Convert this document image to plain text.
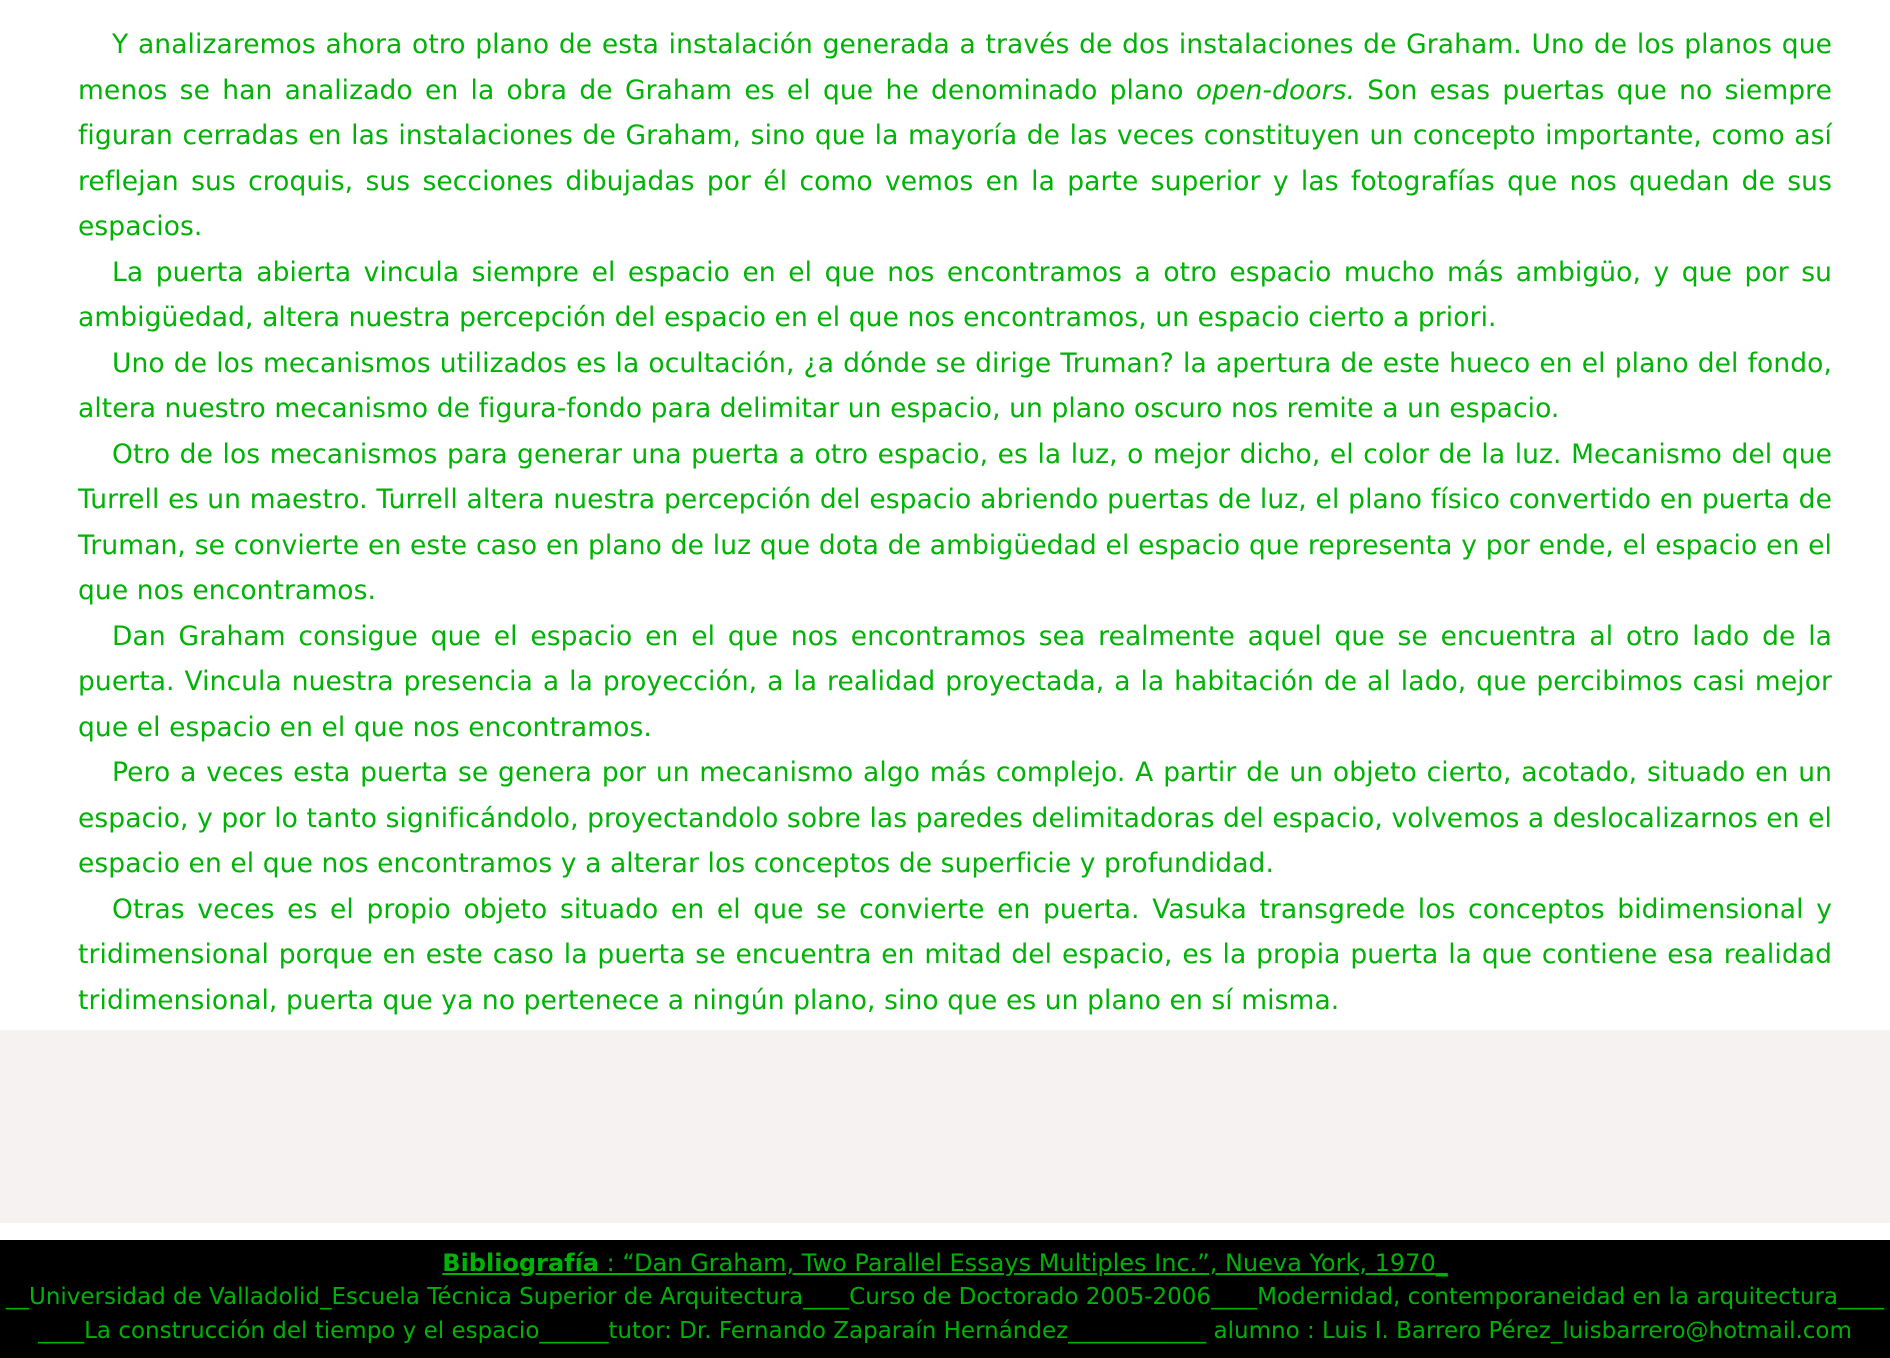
Y analizaremos ahora otro plano de esta instalación generada a través de dos instalaciones de Graham. Uno de los planos que menos se han analizado en la obra de Graham es el que he denominado plano open-doors. Son esas puertas que no siempre figuran cerradas en las instalaciones de Graham, sino que la mayoría de las veces constituyen un concepto importante, como así reflejan sus croquis, sus secciones dibujadas por él como vemos en la parte superior y las fotografías que nos quedan de sus espacios.

La puerta abierta vincula siempre el espacio en el que nos encontramos a otro espacio mucho más ambigüo, y que por su ambigüedad, altera nuestra percepción del espacio en el que nos encontramos, un espacio cierto a priori.

Uno de los mecanismos utilizados es la ocultación, ¿a dónde se dirige Truman? la apertura de este hueco en el plano del fondo, altera nuestro mecanismo de figura-fondo para delimitar un espacio, un plano oscuro nos remite a un espacio.

Otro de los mecanismos para generar una puerta a otro espacio, es la luz, o mejor dicho, el color de la luz. Mecanismo del que Turrell es un maestro. Turrell altera nuestra percepción del espacio abriendo puertas de luz, el plano físico convertido en puerta de Truman, se convierte en este caso en plano de luz que dota de ambigüedad el espacio que representa y por ende, el espacio en el que nos encontramos.

Dan Graham consigue que el espacio en el que nos encontramos sea realmente aquel que se encuentra al otro lado de la puerta. Vincula nuestra presencia a la proyección, a la realidad proyectada, a la habitación de al lado, que percibimos casi mejor que el espacio en el que nos encontramos.

Pero a veces esta puerta se genera por un mecanismo algo más complejo. A partir de un objeto cierto, acotado, situado en un espacio, y por lo tanto significándolo, proyectandolo sobre las paredes delimitadoras del espacio, volvemos a deslocalizarnos en el espacio en el que nos encontramos y a alterar los conceptos de superficie y profundidad.

Otras veces es el propio objeto situado en el que se convierte en puerta. Vasuka transgrede los conceptos bidimensional y tridimensional porque en este caso la puerta se encuentra en mitad del espacio, es la propia puerta la que contiene esa realidad tridimensional, puerta que ya no pertenece a ningún plano, sino que es un plano en sí misma.

Bibliografía : “Dan Graham, Two Parallel Essays Multiples Inc.”, Nueva York, 1970_
__Universidad de Valladolid_Escuela Técnica Superior de Arquitectura____Curso de Doctorado 2005-2006____Modernidad, contemporaneidad en la arquitectura____
____La construcción del tiempo y el espacio______tutor: Dr. Fernando Zaparaín Hernández____________ alumno : Luis I. Barrero Pérez_luisbarrero@hotmail.com
